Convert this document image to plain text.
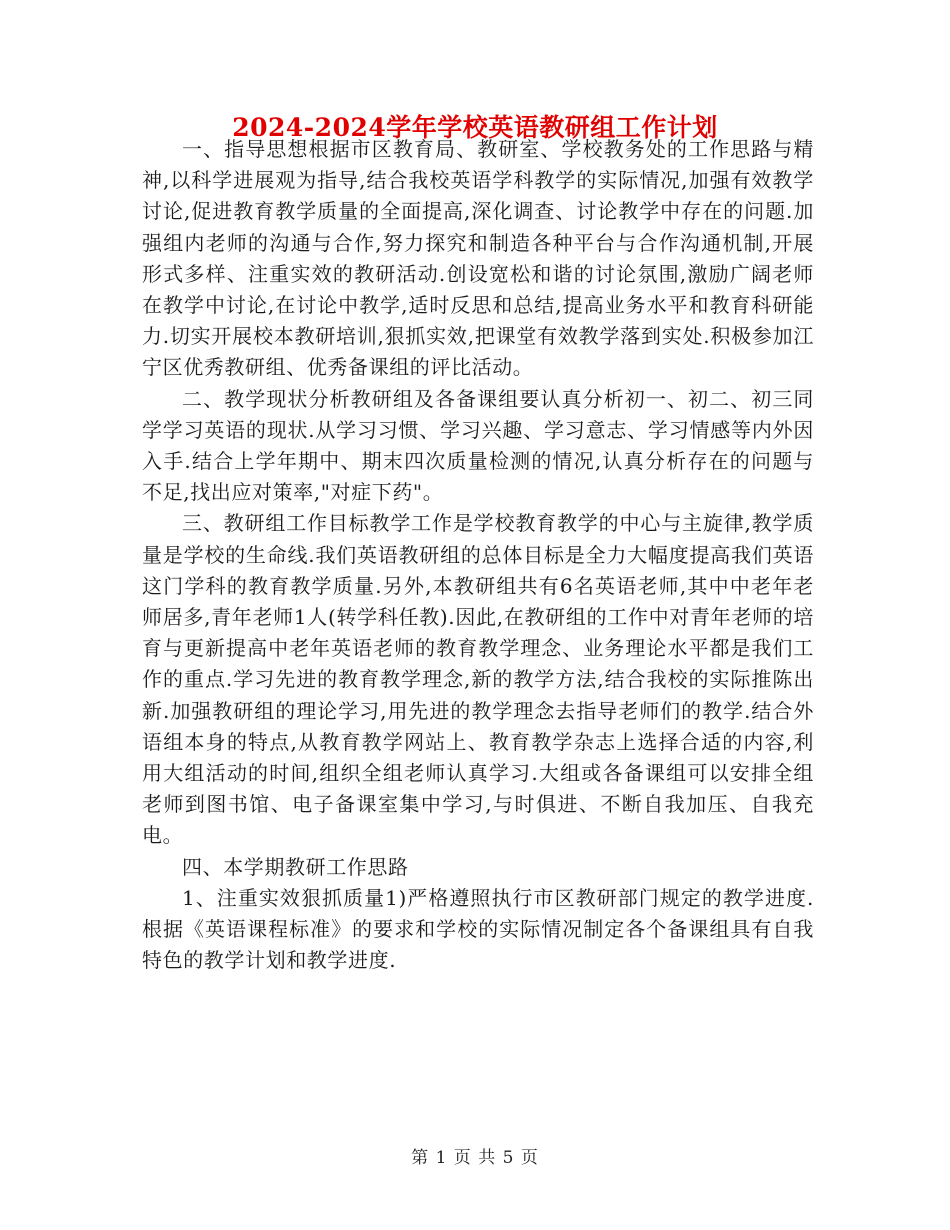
2024-2024学年学校英语教研组工作计划

一、指导思想根据市区教育局、教研室、学校教务处的工作思路与精神,以科学进展观为指导,结合我校英语学科教学的实际情况,加强有效教学讨论,促进教育教学质量的全面提高,深化调查、讨论教学中存在的问题.加强组内老师的沟通与合作,努力探究和制造各种平台与合作沟通机制,开展形式多样、注重实效的教研活动.创设宽松和谐的讨论氛围,激励广阔老师在教学中讨论,在讨论中教学,适时反思和总结,提高业务水平和教育科研能力.切实开展校本教研培训,狠抓实效,把课堂有效教学落到实处.积极参加江宁区优秀教研组、优秀备课组的评比活动。

二、教学现状分析教研组及各备课组要认真分析初一、初二、初三同学学习英语的现状.从学习习惯、学习兴趣、学习意志、学习情感等内外因入手.结合上学年期中、期末四次质量检测的情况,认真分析存在的问题与不足,找出应对策率,"对症下药"。

三、教研组工作目标教学工作是学校教育教学的中心与主旋律,教学质量是学校的生命线.我们英语教研组的总体目标是全力大幅度提高我们英语这门学科的教育教学质量.另外,本教研组共有6名英语老师,其中中老年老师居多,青年老师1人(转学科任教).因此,在教研组的工作中对青年老师的培育与更新提高中老年英语老师的教育教学理念、业务理论水平都是我们工作的重点.学习先进的教育教学理念,新的教学方法,结合我校的实际推陈出新.加强教研组的理论学习,用先进的教学理念去指导老师们的教学.结合外语组本身的特点,从教育教学网站上、教育教学杂志上选择合适的内容,利用大组活动的时间,组织全组老师认真学习.大组或各备课组可以安排全组老师到图书馆、电子备课室集中学习,与时俱进、不断自我加压、自我充电。

四、本学期教研工作思路

1、注重实效狠抓质量1)严格遵照执行市区教研部门规定的教学进度.根据《英语课程标准》的要求和学校的实际情况制定各个备课组具有自我特色的教学计划和教学进度.

第 1 页 共 5 页
